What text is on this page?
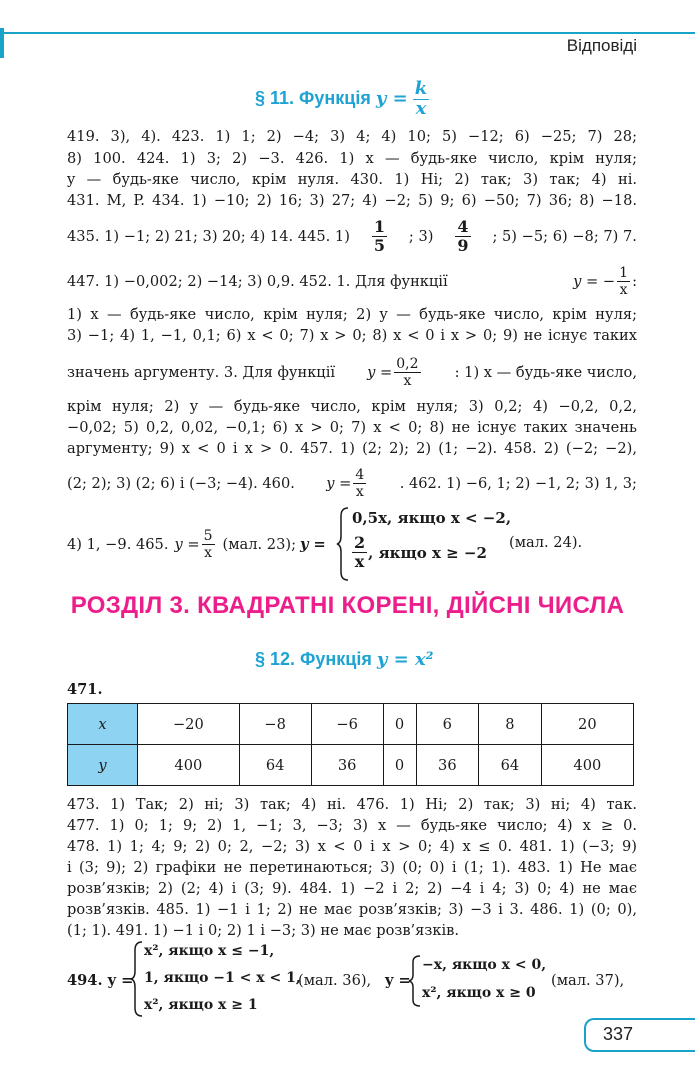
Відповіді
§ 11. Функція $y = \frac{k}{x}$
419. 3), 4). 423. 1) 1; 2) −4; 3) 4; 4) 10; 5) −12; 6) −25; 7) 28;
8) 100. 424. 1) 3; 2) −3. 426. 1) x — будь-яке число, крім нуля;
y — будь-яке число, крім нуля. 430. 1) Ні; 2) так; 3) так; 4) ні.
431. M, P. 434. 1) −10; 2) 16; 3) 27; 4) −2; 5) 9; 6) −50; 7) 36; 8) −18.
435. 1) −1; 2) 21; 3) 20; 4) 14. 445. 1)
1
5 ; 3)
4
9 ; 5) −5; 6) −8; 7) 7.
447. 1) −0,002; 2) −14; 3) 0,9. 452. 1. Для функції	y = − $\frac{1}{x}$ :
1) x — будь-яке число, крім нуля; 2) y — будь-яке число, крім нуля;
3) −1; 4) 1, −1, 0,1; 6) x < 0; 7) x > 0; 8) x < 0 і x > 0; 9) не існує таких
значень аргументу. 3. Для функції $y = \frac{0,2}{x}$ : 1) x — будь-яке число,
крім нуля; 2) y — будь-яке число, крім нуля; 3) 0,2; 4) −0,2, 0,2,
−0,02; 5) 0,2, 0,02, −0,1; 6) x > 0; 7) x < 0; 8) не існує таких значень
аргументу; 9) x < 0 і x > 0. 457. 1) (2; 2); 2) (1; −2). 458. 2) (−2; −2),
(2; 2); 3) (2; 6) і (−3; −4). 460. $y = \frac{4}{x}$ . 462. 1) −6, 1; 2) −1, 2; 3) 1, 3;
4) 1, −9. 465. $y = \frac{5}{x} (мал$. 23); y =
0,5x, якщо x < −2,
2
x , якщо x ≥ −2
(мал. 24).
РОЗДІЛ 3. КВАДРАТНІ КОРЕНІ, ДІЙСНІ ЧИСЛА
§ 12. Функція y = x²
471.
x	−20	−8	−6	0	6	8	20
y	400	64	36	0	36	64	400
473. 1) Так; 2) ні; 3) так; 4) ні. 476. 1) Ні; 2) так; 3) ні; 4) так.
477. 1) 0; 1; 9; 2) 1, −1; 3, −3; 3) x — будь-яке число; 4) x ≥ 0.
478. 1) 1; 4; 9; 2) 0; 2, −2; 3) x < 0 і x > 0; 4) x ≤ 0. 481. 1) (−3; 9)
і (3; 9); 2) графіки не перетинаються; 3) (0; 0) і (1; 1). 483. 1) Не має
розв’язків; 2) (2; 4) і (3; 9). 484. 1) −2 і 2; 2) −4 і 4; 3) 0; 4) не має
розв’язків. 485. 1) −1 і 1; 2) не має розв’язків; 3) −3 і 3. 486. 1) (0; 0),
(1; 1). 491. 1) −1 і 0; 2) 1 і −3; 3) не має розв’язків.
494. y =
x², якщо x ≤ −1,
1, якщо −1 < x < 1,
x², якщо x ≥ 1
(мал. 36), y =
−x, якщо x < 0,
x², якщо x ≥ 0
(мал. 37),
337
